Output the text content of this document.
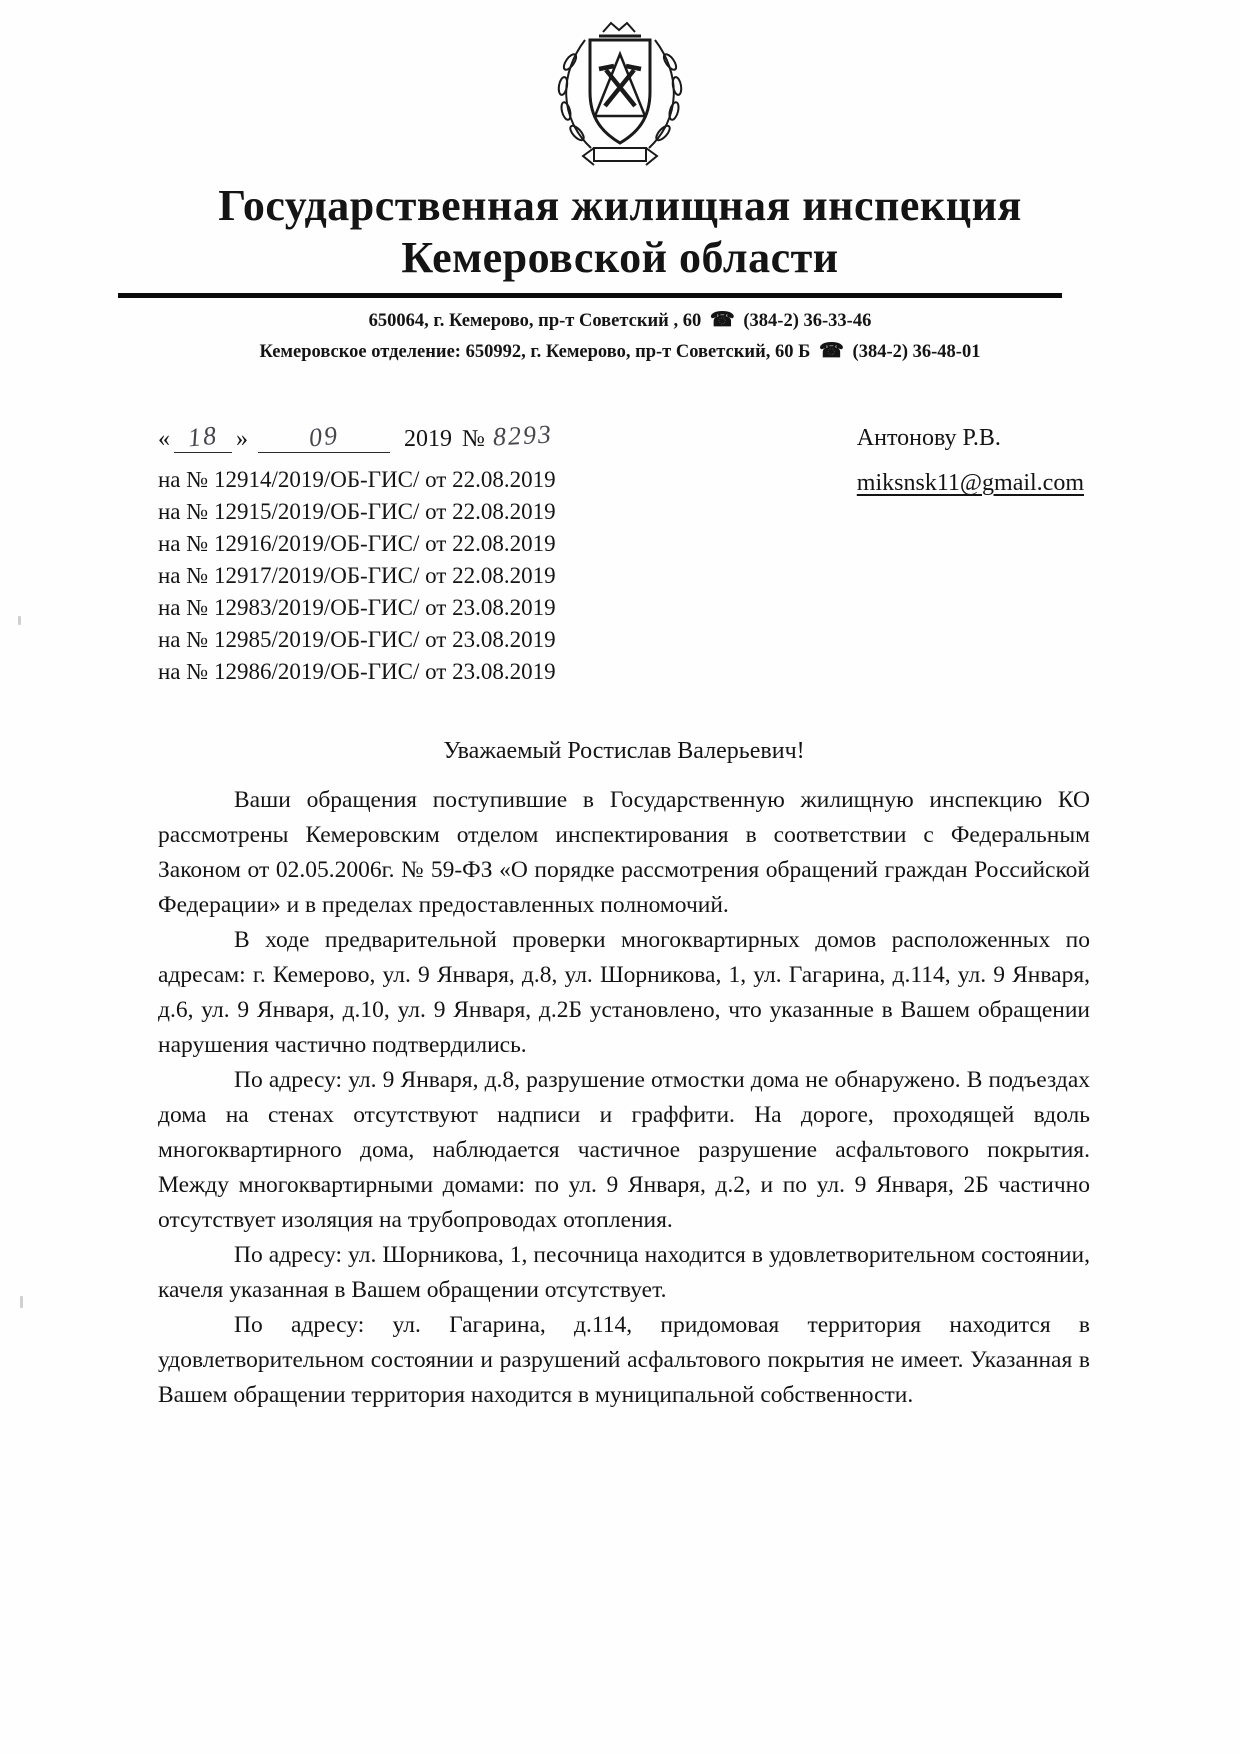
Государственная жилищная инспекция
Кемеровской области
650064, г. Кемерово, пр-т Советский , 60 ☎ (384-2) 36-33-46
Кемеровское отделение: 650992, г. Кемерово, пр-т Советский, 60 Б ☎ (384-2) 36-48-01
« 18 » 09	2019 № 8293	Антонову Р.В.
miksnsk11@gmail.com
на № 12914/2019/ОБ-ГИС/ от 22.08.2019
на № 12915/2019/ОБ-ГИС/ от 22.08.2019
на № 12916/2019/ОБ-ГИС/ от 22.08.2019
на № 12917/2019/ОБ-ГИС/ от 22.08.2019
на № 12983/2019/ОБ-ГИС/ от 23.08.2019
на № 12985/2019/ОБ-ГИС/ от 23.08.2019
на № 12986/2019/ОБ-ГИС/ от 23.08.2019
Уважаемый Ростислав Валерьевич!

Ваши обращения поступившие в Государственную жилищную инспекцию КО рассмотрены Кемеровским отделом инспектирования в соответствии с Федеральным Законом от 02.05.2006г. № 59-ФЗ «О порядке рассмотрения обращений граждан Российской Федерации» и в пределах предоставленных полномочий.

В ходе предварительной проверки многоквартирных домов расположенных по адресам: г. Кемерово, ул. 9 Января, д.8, ул. Шорникова, 1, ул. Гагарина, д.114, ул. 9 Января, д.6, ул. 9 Января, д.10, ул. 9 Января, д.2Б установлено, что указанные в Вашем обращении нарушения частично подтвердились.

По адресу: ул. 9 Января, д.8, разрушение отмостки дома не обнаружено. В подъездах дома на стенах отсутствуют надписи и граффити. На дороге, проходящей вдоль многоквартирного дома, наблюдается частичное разрушение асфальтового покрытия. Между многоквартирными домами: по ул. 9 Января, д.2, и по ул. 9 Января, 2Б частично отсутствует изоляция на трубопроводах отопления.

По адресу: ул. Шорникова, 1, песочница находится в удовлетворительном состоянии, качеля указанная в Вашем обращении отсутствует.

По адресу: ул. Гагарина, д.114, придомовая территория находится в удовлетворительном состоянии и разрушений асфальтового покрытия не имеет. Указанная в Вашем обращении территория находится в муниципальной собственности.
